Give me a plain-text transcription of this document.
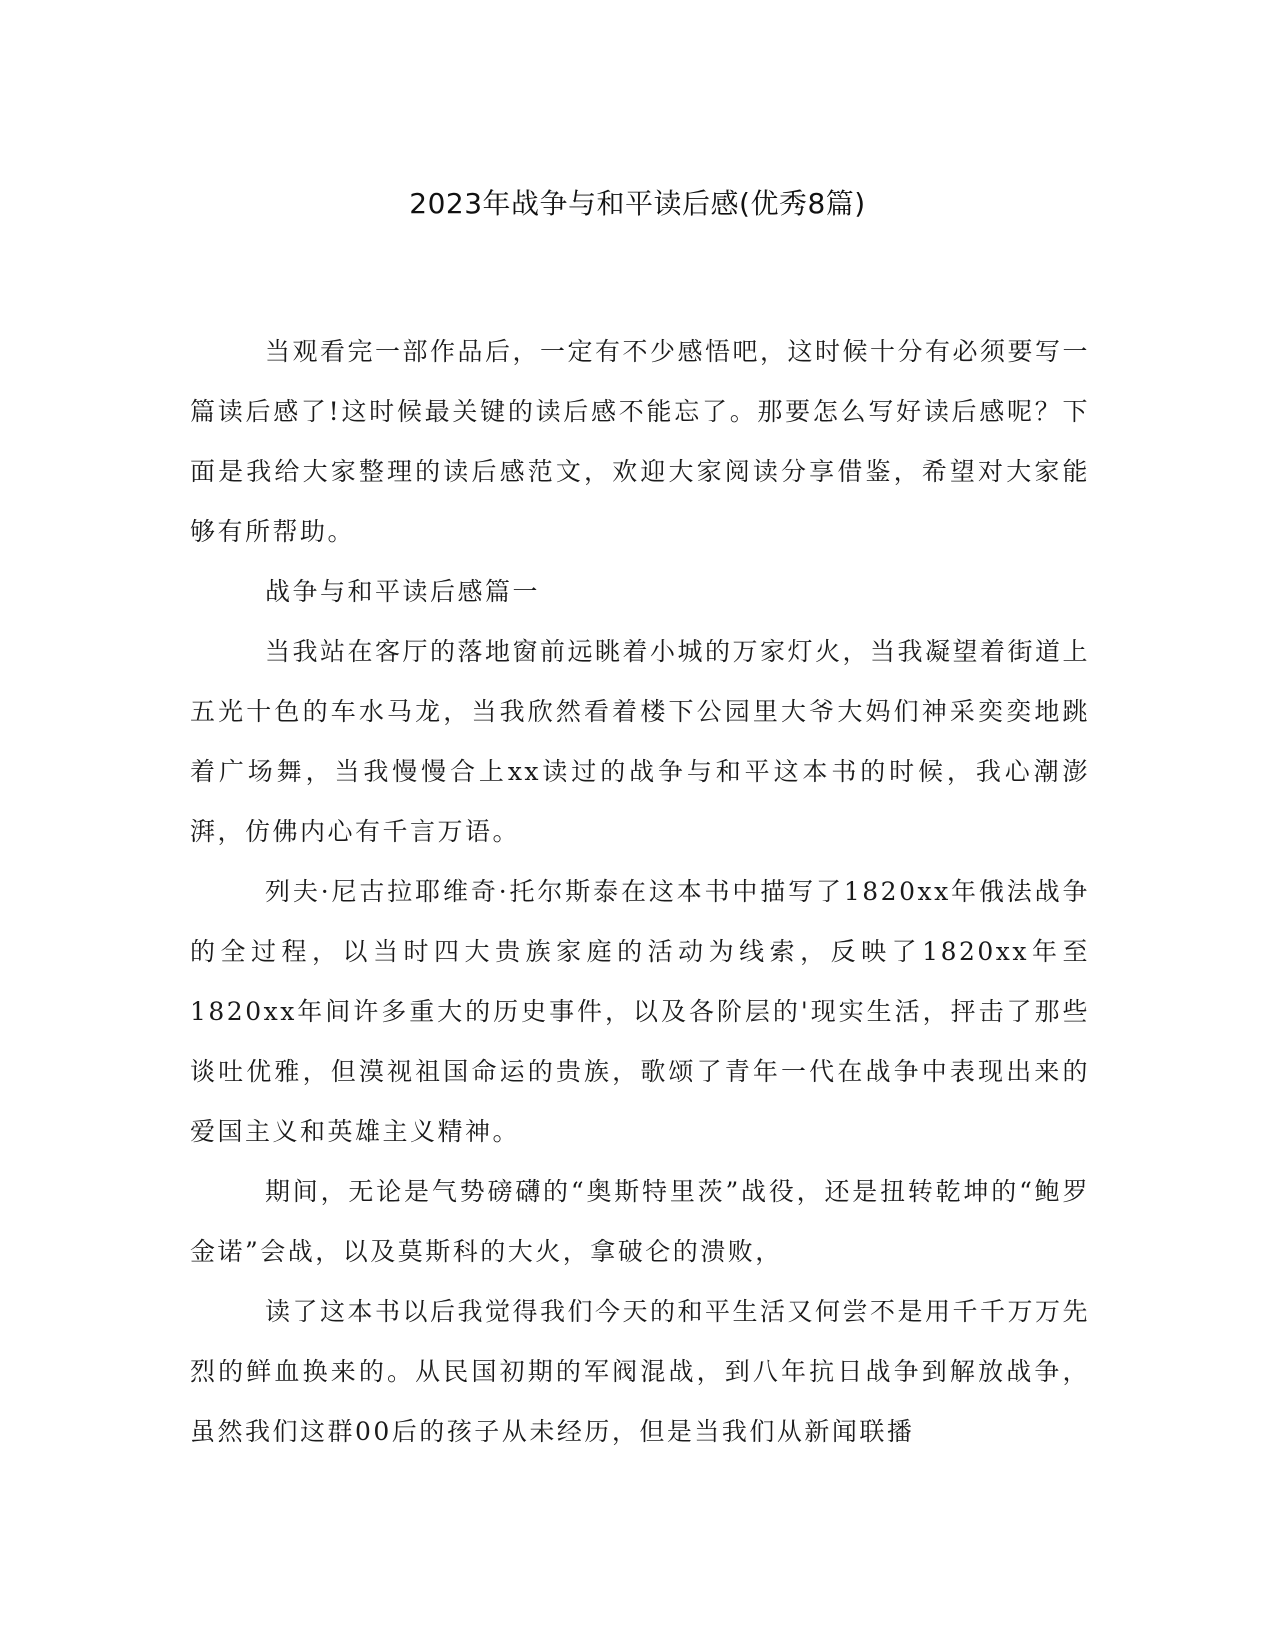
2023年战争与和平读后感(优秀8篇)

当观看完一部作品后，一定有不少感悟吧，这时候十分有必须要写一篇读后感了!这时候最关键的读后感不能忘了。那要怎么写好读后感呢？下面是我给大家整理的读后感范文，欢迎大家阅读分享借鉴，希望对大家能够有所帮助。

战争与和平读后感篇一

当我站在客厅的落地窗前远眺着小城的万家灯火，当我凝望着街道上五光十色的车水马龙，当我欣然看着楼下公园里大爷大妈们神采奕奕地跳着广场舞，当我慢慢合上xx读过的战争与和平这本书的时候，我心潮澎湃，仿佛内心有千言万语。

列夫·尼古拉耶维奇·托尔斯泰在这本书中描写了1820xx年俄法战争的全过程，以当时四大贵族家庭的活动为线索，反映了1820xx年至1820xx年间许多重大的历史事件，以及各阶层的'现实生活，抨击了那些谈吐优雅，但漠视祖国命运的贵族，歌颂了青年一代在战争中表现出来的爱国主义和英雄主义精神。

期间，无论是气势磅礴的“奥斯特里茨”战役，还是扭转乾坤的“鲍罗金诺”会战，以及莫斯科的大火，拿破仑的溃败，

读了这本书以后我觉得我们今天的和平生活又何尝不是用千千万万先烈的鲜血换来的。从民国初期的军阀混战，到八年抗日战争到解放战争，虽然我们这群00后的孩子从未经历，但是当我们从新闻联播
